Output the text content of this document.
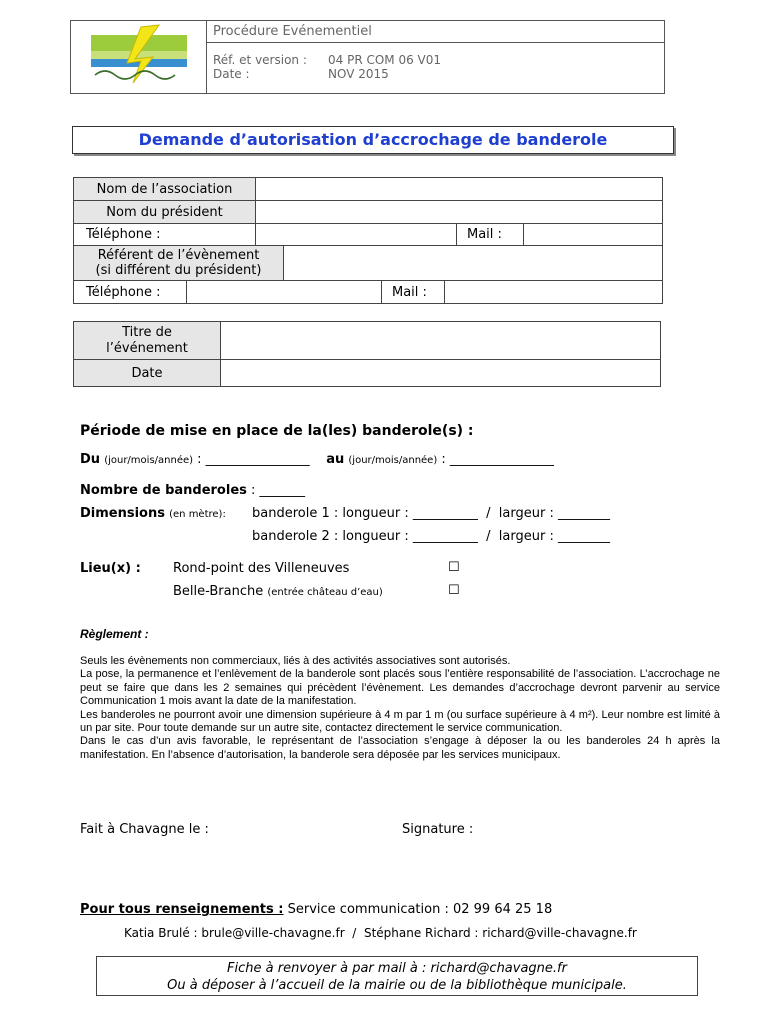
Procédure Evénementiel
Réf. et version :	04 PR COM 06 V01
Date :	NOV 2015
Demande d’autorisation d’accrochage de banderole
Nom de l’association			
Nom du président			
Téléphone :		Mail :	
Référent de l’évènement
(si différent du président)

Téléphone :		Mail :	
Titre de
l’événement	

Date	
Période de mise en place de la(les) banderole(s) :
Du (jour/mois/année) : ________________ au (jour/mois/année) : ________________
Nombre de banderoles : _______
Dimensions (en mètre): banderole 1 : longueur : __________  /  largeur : ________
banderole 2 : longueur : __________  /  largeur : ________
Lieu(x) : Rond-point des Villeneuves	☐
Belle-Branche (entrée château d’eau)	☐
Règlement :

Seuls les évènements non commerciaux, liés à des activités associatives sont autorisés.

La pose, la permanence et l’enlèvement de la banderole sont placés sous l’entière responsabilité de l’association. L’accrochage ne peut se faire que dans les 2 semaines qui précèdent l’évènement. Les demandes d’accrochage devront parvenir au service Communication 1 mois avant la date de la manifestation.

Les banderoles ne pourront avoir une dimension supérieure à 4 m par 1 m (ou surface supérieure à 4 m²). Leur nombre est limité à un par site. Pour toute demande sur un autre site, contactez directement le service communication.

Dans le cas d’un avis favorable, le représentant de l’association s’engage à déposer la ou les banderoles 24 h après la manifestation. En l’absence d’autorisation, la banderole sera déposée par les services municipaux.

Fait à Chavagne le :	Signature :
Pour tous renseignements : Service communication : 02 99 64 25 18
Katia Brulé : brule@ville-chavagne.fr  /  Stéphane Richard : richard@ville-chavagne.fr
Fiche à renvoyer à par mail à : richard@chavagne.fr
Ou à déposer à l’accueil de la mairie ou de la bibliothèque municipale.
